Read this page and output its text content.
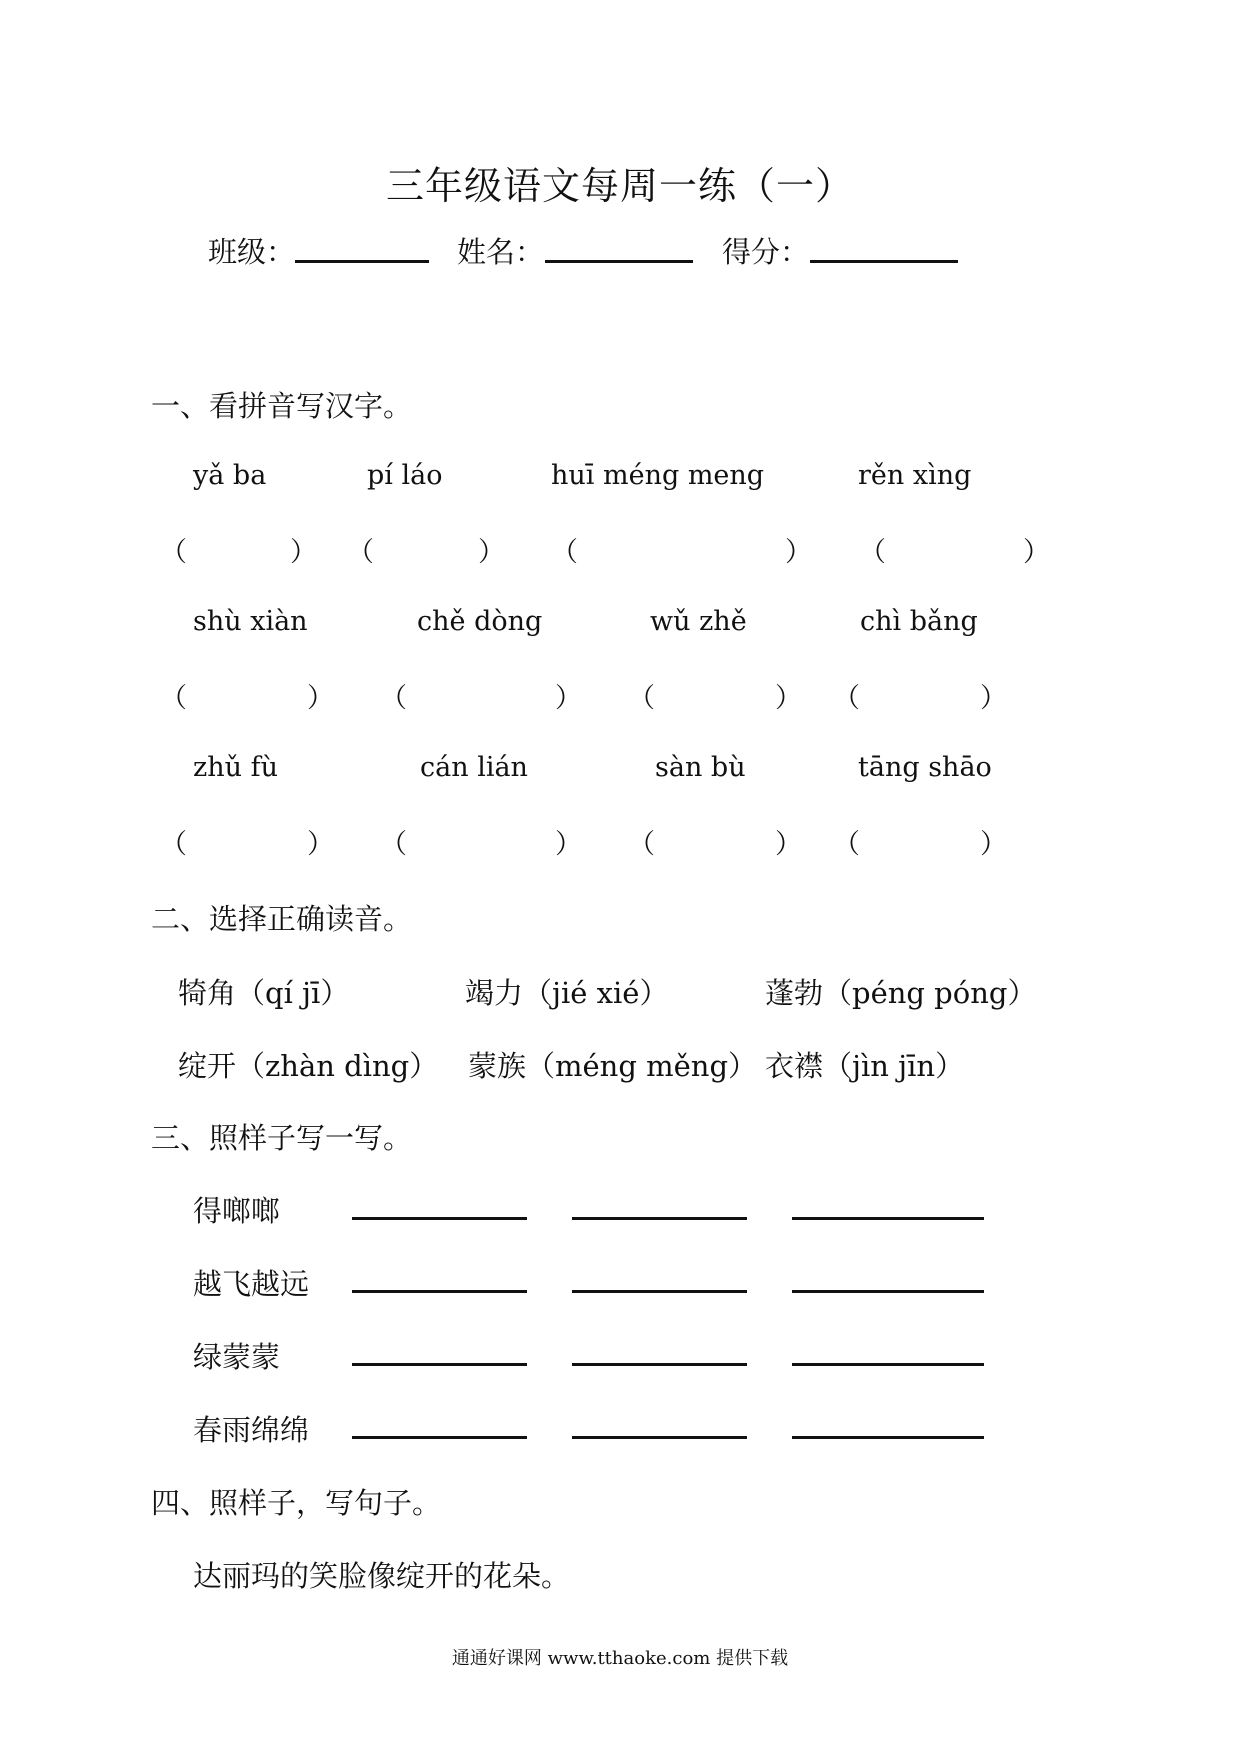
三年级语文每周一练（一）
班级：	姓名：	得分：
一、看拼音写汉字。
yǎ ba	pí láo	huī méng meng	rěn xìng
（	） （	） （	） （	）
shù xiàn	chě dòng	wǔ zhě	chì bǎng
（	） （	） （	） （	）
zhǔ fù	cán lián	sàn bù	tāng shāo
（	） （	） （	） （	）
二、选择正确读音。
犄角（qí jī）	竭力（jié xié）	蓬勃（péng póng）
绽开（zhàn dìng） 蒙族（méng měng） 衣襟（jìn jīn）
三、照样子写一写。
得啷啷
越飞越远
绿蒙蒙
春雨绵绵
四、照样子，写句子。
达丽玛的笑脸像绽开的花朵。
通通好课网 www.tthaoke.com 提供下载
